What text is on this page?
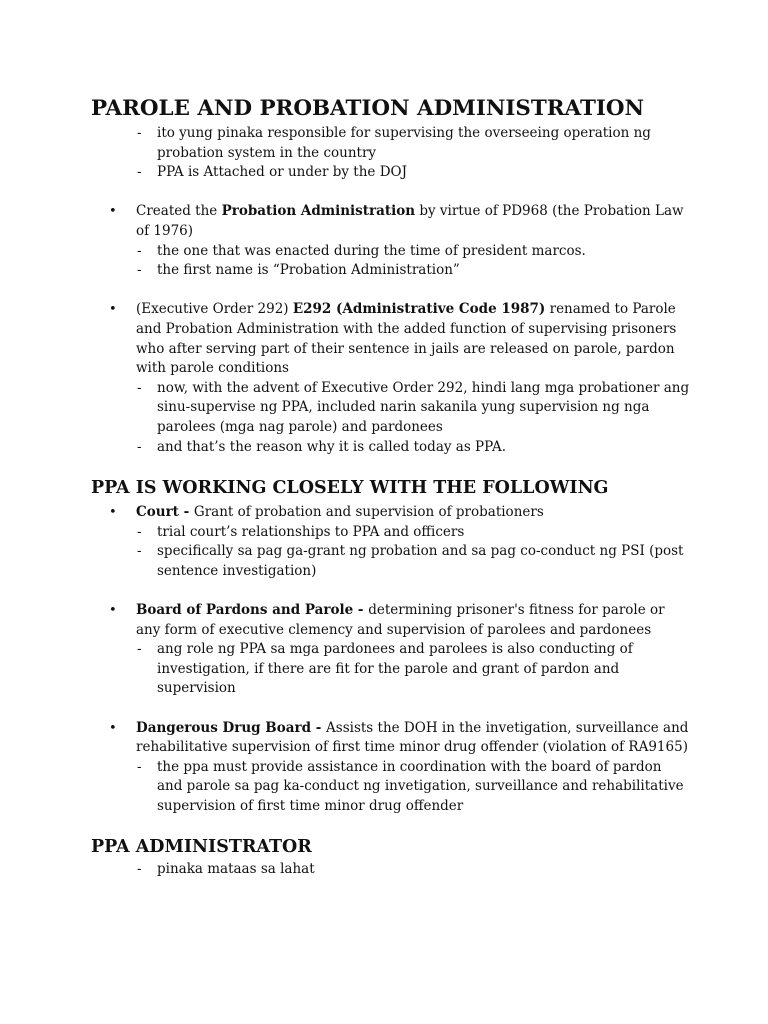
PAROLE AND PROBATION ADMINISTRATION
- ito yung pinaka responsible for supervising the overseeing operation ng probation system in the country
- PPA is Attached or under by the DOJ
• Created the Probation Administration by virtue of PD968 (the Probation Law of 1976)
- the one that was enacted during the time of president marcos.
- the first name is “Probation Administration”
• (Executive Order 292) E292 (Administrative Code 1987) renamed to Parole and Probation Administration with the added function of supervising prisoners who after serving part of their sentence in jails are released on parole, pardon with parole conditions
- now, with the advent of Executive Order 292, hindi lang mga probationer ang sinu-supervise ng PPA, included narin sakanila yung supervision ng nga parolees (mga nag parole) and pardonees
- and that’s the reason why it is called today as PPA.
PPA IS WORKING CLOSELY WITH THE FOLLOWING
• Court - Grant of probation and supervision of probationers
- trial court’s relationships to PPA and officers
- specifically sa pag ga-grant ng probation and sa pag co-conduct ng PSI (post sentence investigation)
• Board of Pardons and Parole - determining prisoner's fitness for parole or any form of executive clemency and supervision of parolees and pardonees
- ang role ng PPA sa mga pardonees and parolees is also conducting of investigation, if there are fit for the parole and grant of pardon and supervision
• Dangerous Drug Board - Assists the DOH in the invetigation, surveillance and rehabilitative supervision of first time minor drug offender (violation of RA9165)
- the ppa must provide assistance in coordination with the board of pardon and parole sa pag ka-conduct ng invetigation, surveillance and rehabilitative supervision of first time minor drug offender
PPA ADMINISTRATOR
- pinaka mataas sa lahat
